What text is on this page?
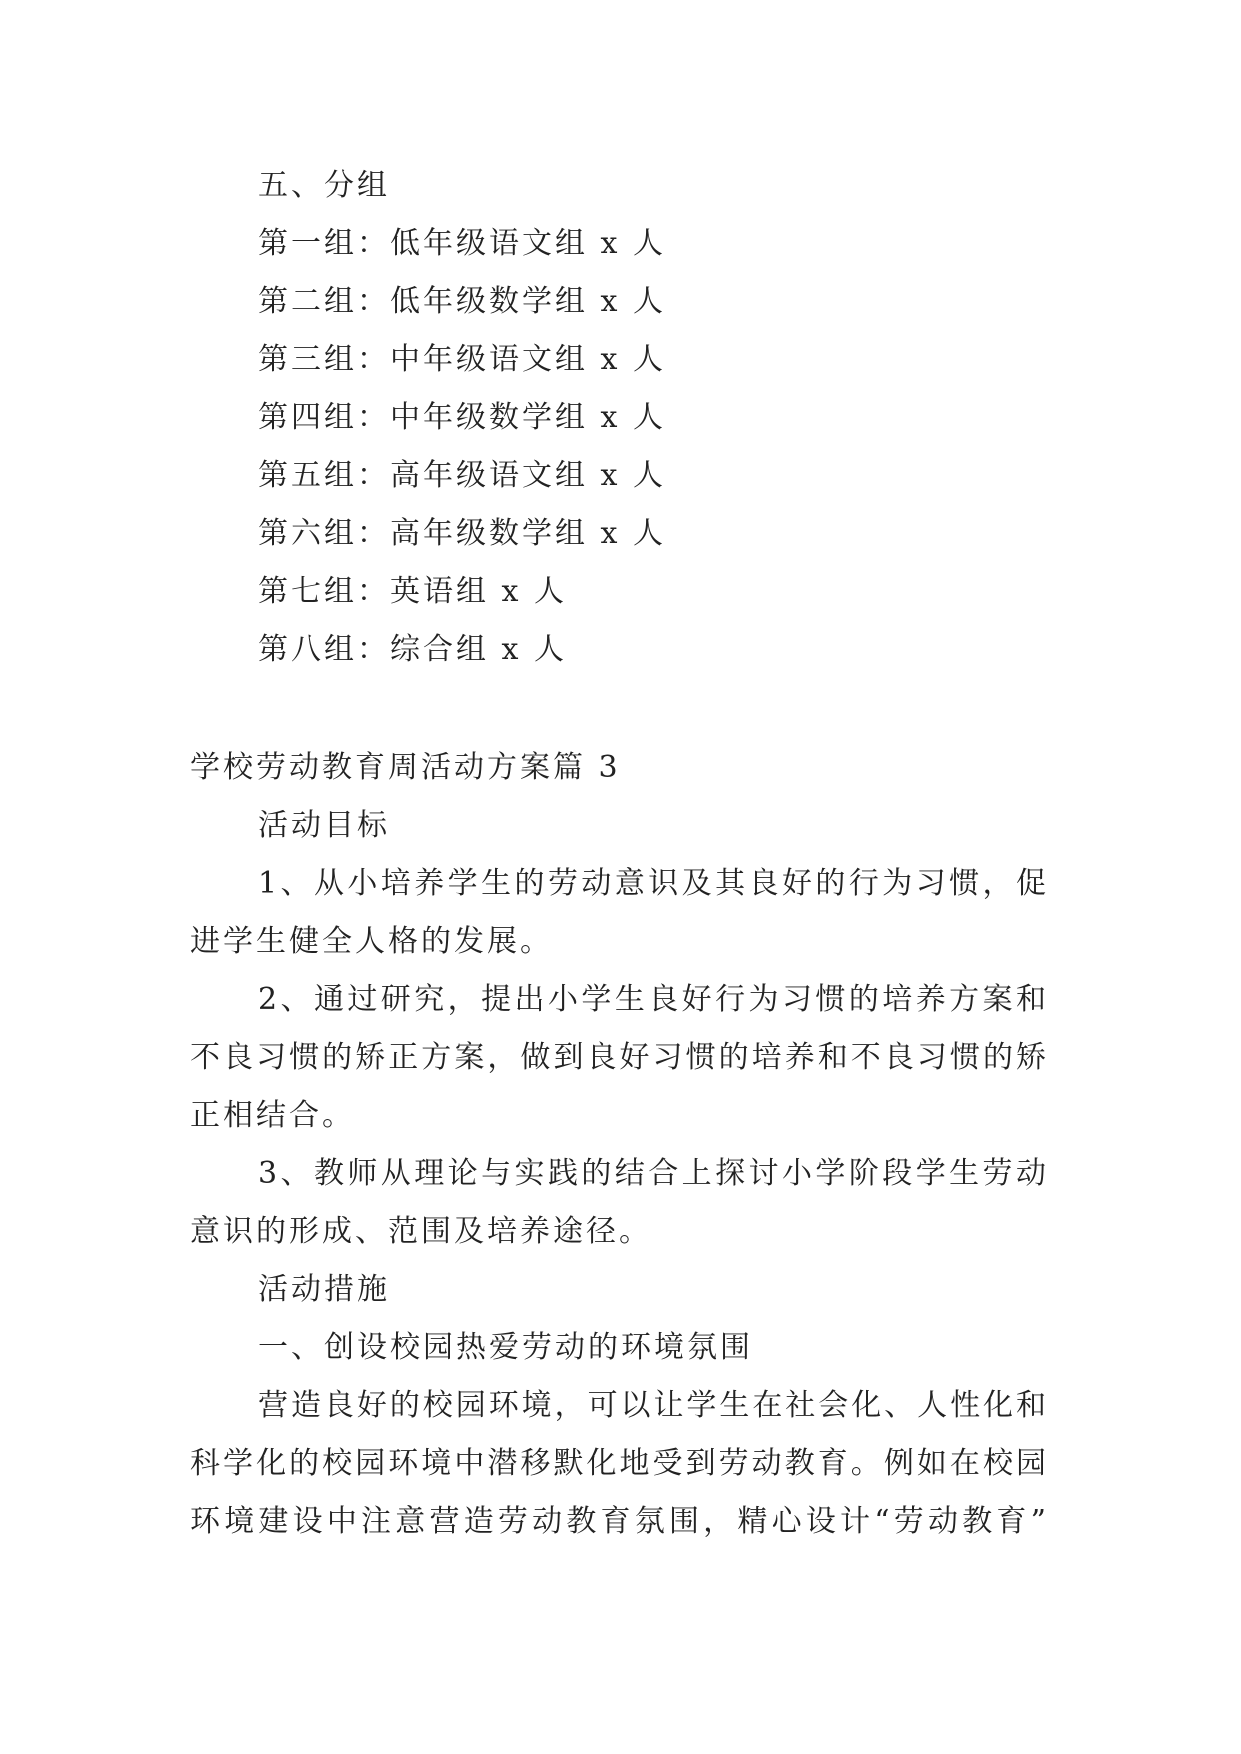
五、分组
第一组：低年级语文组 x 人
第二组：低年级数学组 x 人
第三组：中年级语文组 x 人
第四组：中年级数学组 x 人
第五组：高年级语文组 x 人
第六组：高年级数学组 x 人
第七组：英语组 x 人
第八组：综合组 x 人
学校劳动教育周活动方案篇 3
活动目标
1、从小培养学生的劳动意识及其良好的行为习惯，促
进学生健全人格的发展。
2、通过研究，提出小学生良好行为习惯的培养方案和
不良习惯的矫正方案，做到良好习惯的培养和不良习惯的矫
正相结合。
3、教师从理论与实践的结合上探讨小学阶段学生劳动
意识的形成、范围及培养途径。
活动措施
一、创设校园热爱劳动的环境氛围
营造良好的校园环境，可以让学生在社会化、人性化和
科学化的校园环境中潜移默化地受到劳动教育。例如在校园
环境建设中注意营造劳动教育氛围，精心设计“劳动教育”
